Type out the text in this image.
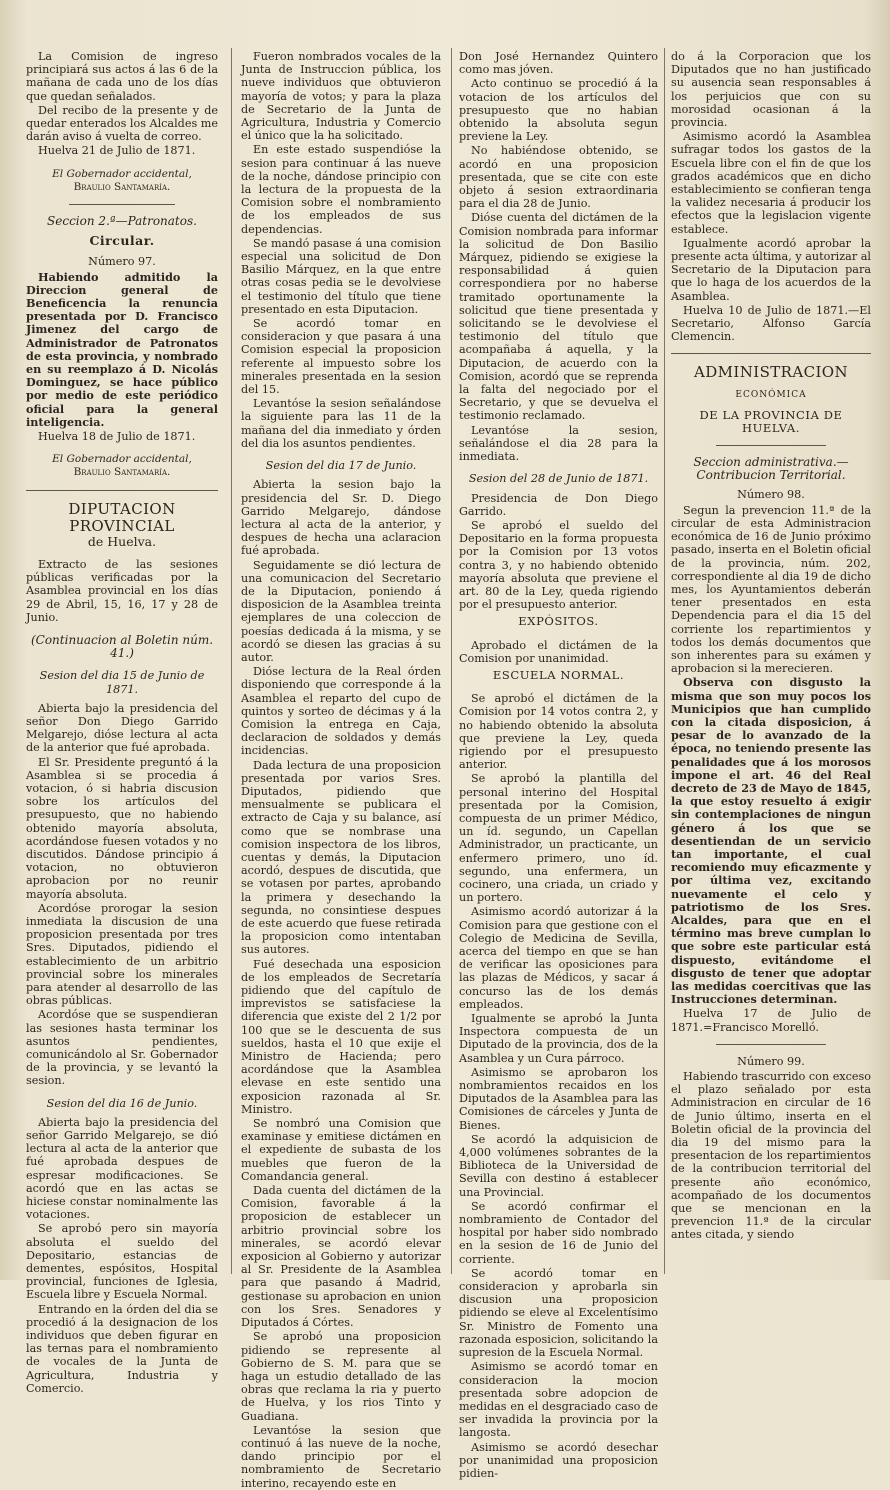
La Comision de ingreso principiará sus actos á las 6 de la mañana de cada uno de los días que quedan señalados.

Del recibo de la presente y de quedar enterados los Alcaldes me darán aviso á vuelta de correo.

Huelva 21 de Julio de 1871.

El Gobernador accidental,

Braulio Santamaría.

Seccion 2.ª—Patronatos.

Circular.

Número 97.

Habiendo admitido la Direccion general de Beneficencia la renuncia presentada por D. Francisco Jimenez del cargo de Administrador de Patronatos de esta provincia, y nombrado en su reemplazo á D. Nicolás Dominguez, se hace público por medio de este periódico oficial para la general inteligencia.

Huelva 18 de Julio de 1871.

El Gobernador accidental,

Braulio Santamaría.

DIPUTACION PROVINCIAL

de Huelva.

Extracto de las sesiones públicas verificadas por la Asamblea provincial en los días 29 de Abril, 15, 16, 17 y 28 de Junio.

(Continuacion al Boletin núm. 41.)

Sesion del dia 15 de Junio de 1871.

Abierta bajo la presidencia del señor Don Diego Garrido Melgarejo, dióse lectura al acta de la anterior que fué aprobada.

El Sr. Presidente preguntó á la Asamblea si se procedia á votacion, ó si habria discusion sobre los artículos del presupuesto, que no habiendo obtenido mayoría absoluta, acordándose fuesen votados y no discutidos. Dándose principio á votacion, no obtuvieron aprobacion por no reunir mayoría absoluta.

Acordóse prorogar la sesion inmediata la discusion de una proposicion presentada por tres Sres. Diputados, pidiendo el establecimiento de un arbitrio provincial sobre los minerales para atender al desarrollo de las obras públicas.

Acordóse que se suspendieran las sesiones hasta terminar los asuntos pendientes, comunicándolo al Sr. Gobernador de la provincia, y se levantó la sesion.

Sesion del dia 16 de Junio.

Abierta bajo la presidencia del señor Garrido Melgarejo, se dió lectura al acta de la anterior que fué aprobada despues de espresar modificaciones. Se acordó que en las actas se hiciese constar nominalmente las votaciones.

Se aprobó pero sin mayoría absoluta el sueldo del Depositario, estancias de dementes, espósitos, Hospital provincial, funciones de Iglesia, Escuela libre y Escuela Normal.

Entrando en la órden del dia se procedió á la designacion de los individuos que deben figurar en las ternas para el nombramiento de vocales de la Junta de Agricultura, Industria y Comercio.

Fueron nombrados vocales de la Junta de Instruccion pública, los nueve individuos que obtuvieron mayoría de votos; y para la plaza de Secretario de la Junta de Agricultura, Industria y Comercio el único que la ha solicitado.

En este estado suspendióse la sesion para continuar á las nueve de la noche, dándose principio con la lectura de la propuesta de la Comision sobre el nombramiento de los empleados de sus dependencias.

Se mandó pasase á una comision especial una solicitud de Don Basilio Márquez, en la que entre otras cosas pedia se le devolviese el testimonio del título que tiene presentado en esta Diputacion.

Se acordó tomar en consideracion y que pasara á una Comision especial la proposicion referente al impuesto sobre los minerales presentada en la sesion del 15.

Levantóse la sesion señalándose la siguiente para las 11 de la mañana del dia inmediato y órden del dia los asuntos pendientes.

Sesion del dia 17 de Junio.

Abierta la sesion bajo la presidencia del Sr. D. Diego Garrido Melgarejo, dándose lectura al acta de la anterior, y despues de hecha una aclaracion fué aprobada.

Seguidamente se dió lectura de una comunicacion del Secretario de la Diputacion, poniendo á disposicion de la Asamblea treinta ejemplares de una coleccion de poesías dedicada á la misma, y se acordó se diesen las gracias á su autor.

Dióse lectura de la Real órden disponiendo que corresponde á la Asamblea el reparto del cupo de quintos y sorteo de décimas y á la Comision la entrega en Caja, declaracion de soldados y demás incidencias.

Dada lectura de una proposicion presentada por varios Sres. Diputados, pidiendo que mensualmente se publicara el extracto de Caja y su balance, así como que se nombrase una comision inspectora de los libros, cuentas y demás, la Diputacion acordó, despues de discutida, que se votasen por partes, aprobando la primera y desechando la segunda, no consintiese despues de este acuerdo que fuese retirada la proposicion como intentaban sus autores.

Fué desechada una esposicion de los empleados de Secretaría pidiendo que del capítulo de imprevistos se satisfaciese la diferencia que existe del 2 1/2 por 100 que se le descuenta de sus sueldos, hasta el 10 que exije el Ministro de Hacienda; pero acordándose que la Asamblea elevase en este sentido una exposicion razonada al Sr. Ministro.

Se nombró una Comision que examinase y emitiese dictámen en el expediente de subasta de los muebles que fueron de la Comandancia general.

Dada cuenta del dictámen de la Comision, favorable á la proposicion de establecer un arbitrio provincial sobre los minerales, se acordó elevar exposicion al Gobierno y autorizar al Sr. Presidente de la Asamblea para que pasando á Madrid, gestionase su aprobacion en union con los Sres. Senadores y Diputados á Córtes.

Se aprobó una proposicion pidiendo se represente al Gobierno de S. M. para que se haga un estudio detallado de las obras que reclama la ria y puerto de Huelva, y los rios Tinto y Guadiana.

Levantóse la sesion que continuó á las nueve de la noche, dando principio por el nombramiento de Secretario interino, recayendo este en

Don José Hernandez Quintero como mas jóven.

Acto continuo se procedió á la votacion de los artículos del presupuesto que no habian obtenido la absoluta segun previene la Ley.

No habiéndose obtenido, se acordó en una proposicion presentada, que se cite con este objeto á sesion extraordinaria para el dia 28 de Junio.

Dióse cuenta del dictámen de la Comision nombrada para informar la solicitud de Don Basilio Márquez, pidiendo se exigiese la responsabilidad á quien correspondiera por no haberse tramitado oportunamente la solicitud que tiene presentada y solicitando se le devolviese el testimonio del título que acompañaba á aquella, y la Diputacion, de acuerdo con la Comision, acordó que se reprenda la falta del negociado por el Secretario, y que se devuelva el testimonio reclamado.

Levantóse la sesion, señalándose el dia 28 para la inmediata.

Sesion del 28 de Junio de 1871.

Presidencia de Don Diego Garrido.

Se aprobó el sueldo del Depositario en la forma propuesta por la Comision por 13 votos contra 3, y no habiendo obtenido mayoría absoluta que previene el art. 80 de la Ley, queda rigiendo por el presupuesto anterior.

EXPÓSITOS.

Aprobado el dictámen de la Comision por unanimidad.

ESCUELA NORMAL.

Se aprobó el dictámen de la Comision por 14 votos contra 2, y no habiendo obtenido la absoluta que previene la Ley, queda rigiendo por el presupuesto anterior.

Se aprobó la plantilla del personal interino del Hospital presentada por la Comision, compuesta de un primer Médico, un íd. segundo, un Capellan Administrador, un practicante, un enfermero primero, uno íd. segundo, una enfermera, un cocinero, una criada, un criado y un portero.

Asimismo acordó autorizar á la Comision para que gestione con el Colegio de Medicina de Sevilla, acerca del tiempo en que se han de verificar las oposiciones para las plazas de Médicos, y sacar á concurso las de los demás empleados.

Igualmente se aprobó la Junta Inspectora compuesta de un Diputado de la provincia, dos de la Asamblea y un Cura párroco.

Asimismo se aprobaron los nombramientos recaidos en los Diputados de la Asamblea para las Comisiones de cárceles y Junta de Bienes.

Se acordó la adquisicion de 4,000 volúmenes sobrantes de la Biblioteca de la Universidad de Sevilla con destino á establecer una Provincial.

Se acordó confirmar el nombramiento de Contador del hospital por haber sido nombrado en la sesion de 16 de Junio del corriente.

Se acordó tomar en consideracion y aprobarla sin discusion una proposicion pidiendo se eleve al Excelentísimo Sr. Ministro de Fomento una razonada esposicion, solicitando la supresion de la Escuela Normal.

Asimismo se acordó tomar en consideracion la mocion presentada sobre adopcion de medidas en el desgraciado caso de ser invadida la provincia por la langosta.

Asimismo se acordó desechar por unanimidad una proposicion pidien-

do á la Corporacion que los Diputados que no han justificado su ausencia sean responsables á los perjuicios que con su morosidad ocasionan á la provincia.

Asimismo acordó la Asamblea sufragar todos los gastos de la Escuela libre con el fin de que los grados académicos que en dicho establecimiento se confieran tenga la validez necesaria á producir los efectos que la legislacion vigente establece.

Igualmente acordó aprobar la presente acta última, y autorizar al Secretario de la Diputacion para que lo haga de los acuerdos de la Asamblea.

Huelva 10 de Julio de 1871.—El Secretario, Alfonso García Clemencin.

ADMINISTRACION

ECONÓMICA

DE LA PROVINCIA DE HUELVA.

Seccion administrativa.—Contribucion Territorial.

Número 98.

Segun la prevencion 11.ª de la circular de esta Administracion económica de 16 de Junio próximo pasado, inserta en el Boletin oficial de la provincia, núm. 202, correspondiente al dia 19 de dicho mes, los Ayuntamientos deberán tener presentados en esta Dependencia para el dia 15 del corriente los repartimientos y todos los demás documentos que son inherentes para su exámen y aprobacion si la merecieren.

Observa con disgusto la misma que son muy pocos los Municipios que han cumplido con la citada disposicion, á pesar de lo avanzado de la época, no teniendo presente las penalidades que á los morosos impone el art. 46 del Real decreto de 23 de Mayo de 1845, la que estoy resuelto á exigir sin contemplaciones de ningun género á los que se desentiendan de un servicio tan importante, el cual recomiendo muy eficazmente y por última vez, excitando nuevamente el celo y patriotismo de los Sres. Alcaldes, para que en el término mas breve cumplan lo que sobre este particular está dispuesto, evitándome el disgusto de tener que adoptar las medidas coercitivas que las Instrucciones determinan.

Huelva 17 de Julio de 1871.=Francisco Morelló.

Número 99.

Habiendo trascurrido con exceso el plazo señalado por esta Administracion en circular de 16 de Junio último, inserta en el Boletin oficial de la provincia del dia 19 del mismo para la presentacion de los repartimientos de la contribucion territorial del presente año económico, acompañado de los documentos que se mencionan en la prevencion 11.ª de la circular antes citada, y siendo
